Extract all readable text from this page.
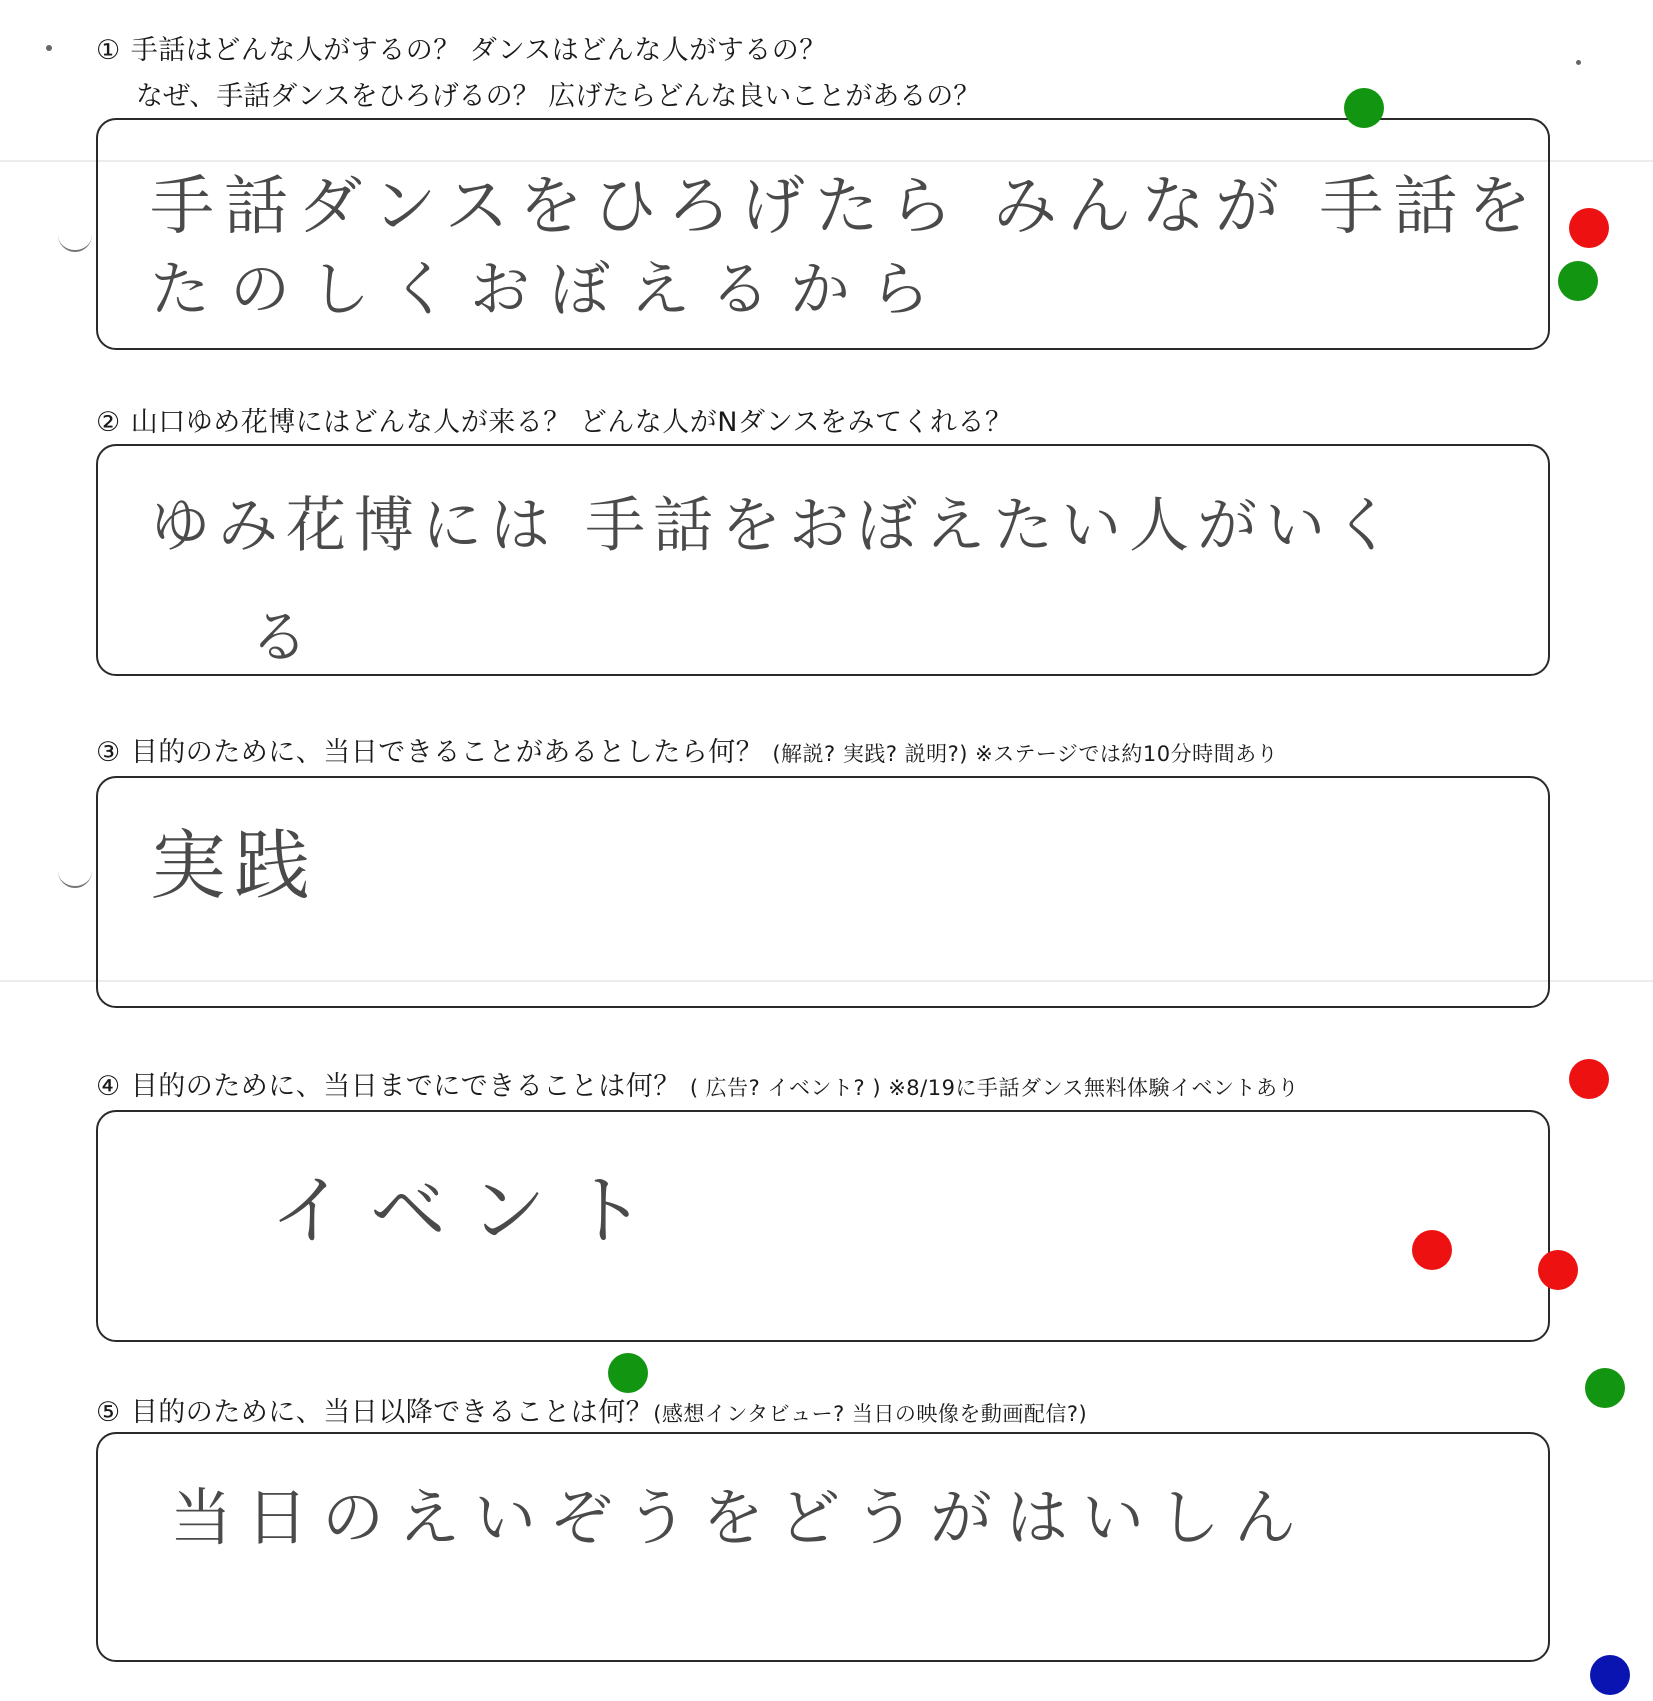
① 手話はどんな人がするの？ ダンスはどんな人がするの？
なぜ、手話ダンスをひろげるの？ 広げたらどんな良いことがあるの？
手話ダンスをひろげたら みんなが 手話を
たのしくおぼえるから
② 山口ゆめ花博にはどんな人が来る？ どんな人がNダンスをみてくれる？
ゆみ花博には 手話をおぼえたい人がいく
る
③ 目的のために、当日できることがあるとしたら何？ (解説? 実践? 説明?) ※ステージでは約10分時間あり
実践
④ 目的のために、当日までにできることは何？ ( 広告? イベント? ) ※8/19に手話ダンス無料体験イベントあり
イベント
⑤ 目的のために、当日以降できることは何？(感想インタビュー? 当日の映像を動画配信?)
当日のえいぞうをどうがはいしん
